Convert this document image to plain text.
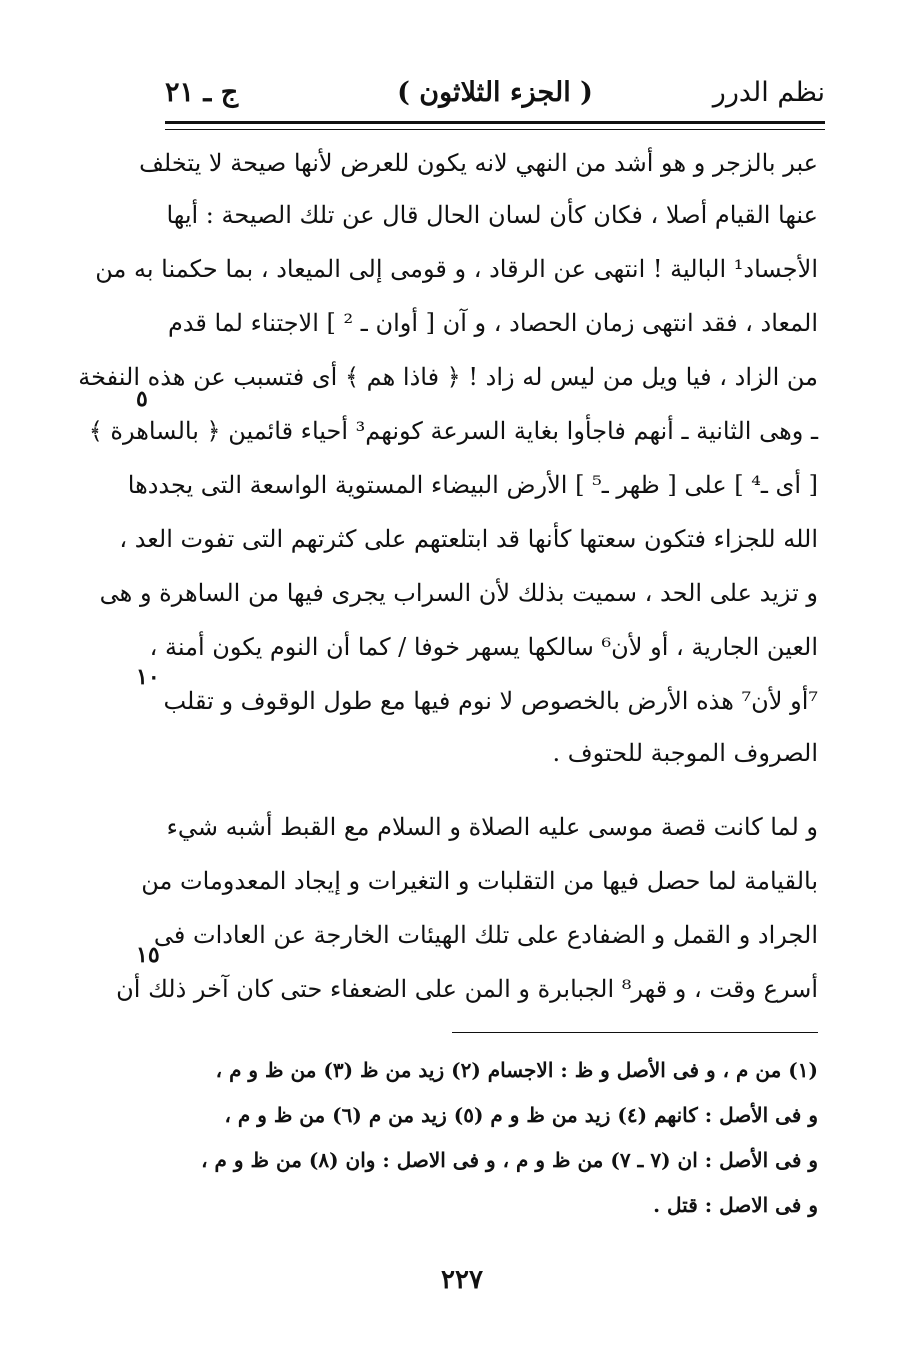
نظم الدرر
( الجزء الثلاثون )
ج ـ ٢١
عبر بالزجر و هو أشد من النهي لانه يكون للعرض لأنها صيحة لا يتخلف
عنها القيام أصلا ، فكان كأن لسان الحال قال عن تلك الصيحة : أيها
الأجساد¹ البالية ! انتهى عن الرقاد ، و قومى إلى الميعاد ، بما حكمنا به من
المعاد ، فقد انتهى زمان الحصاد ، و آن [ أوان ـ ² ] الاجتناء لما قدم
من الزاد ، فيا ويل من ليس له زاد ! ﴿ فاذا هم ﴾ أى فتسبب عن هذه النفخة
ـ وهى الثانية ـ أنهم فاجأوا بغاية السرعة كونهم³ أحياء قائمين ﴿ بالساهرة ﴾
[ أى ـ⁴ ] على [ ظهر ـ⁵ ] الأرض البيضاء المستوية الواسعة التى يجددها
الله للجزاء فتكون سعتها كأنها قد ابتلعتهم على كثرتهم التى تفوت العد ،
و تزيد على الحد ، سميت بذلك لأن السراب يجرى فيها من الساهرة و هى
العين الجارية ، أو لأن⁶ سالكها يسهر خوفا / كما أن النوم يكون أمنة ،
⁷أو لأن⁷ هذه الأرض بالخصوص لا نوم فيها مع طول الوقوف و تقلب
الصروف الموجبة للحتوف .
و لما كانت قصة موسى عليه الصلاة و السلام مع القبط أشبه شيء
بالقيامة لما حصل فيها من التقلبات و التغيرات و إيجاد المعدومات من
الجراد و القمل و الضفادع على تلك الهيئات الخارجة عن العادات فى
أسرع وقت ، و قهر⁸ الجبابرة و المن على الضعفاء حتى كان آخر ذلك أن
٥
١٠
١٥
(١) من م ، و فى الأصل و ظ : الاجسام (٢) زيد من ظ (٣) من ظ و م ،
و فى الأصل : كانهم (٤) زيد من ظ و م (٥) زيد من م (٦) من ظ و م ،
و فى الأصل : ان (٧ ـ ٧) من ظ و م ، و فى الاصل : وان (٨) من ظ و م ،
و فى الاصل : قتل .
٢٢٧
